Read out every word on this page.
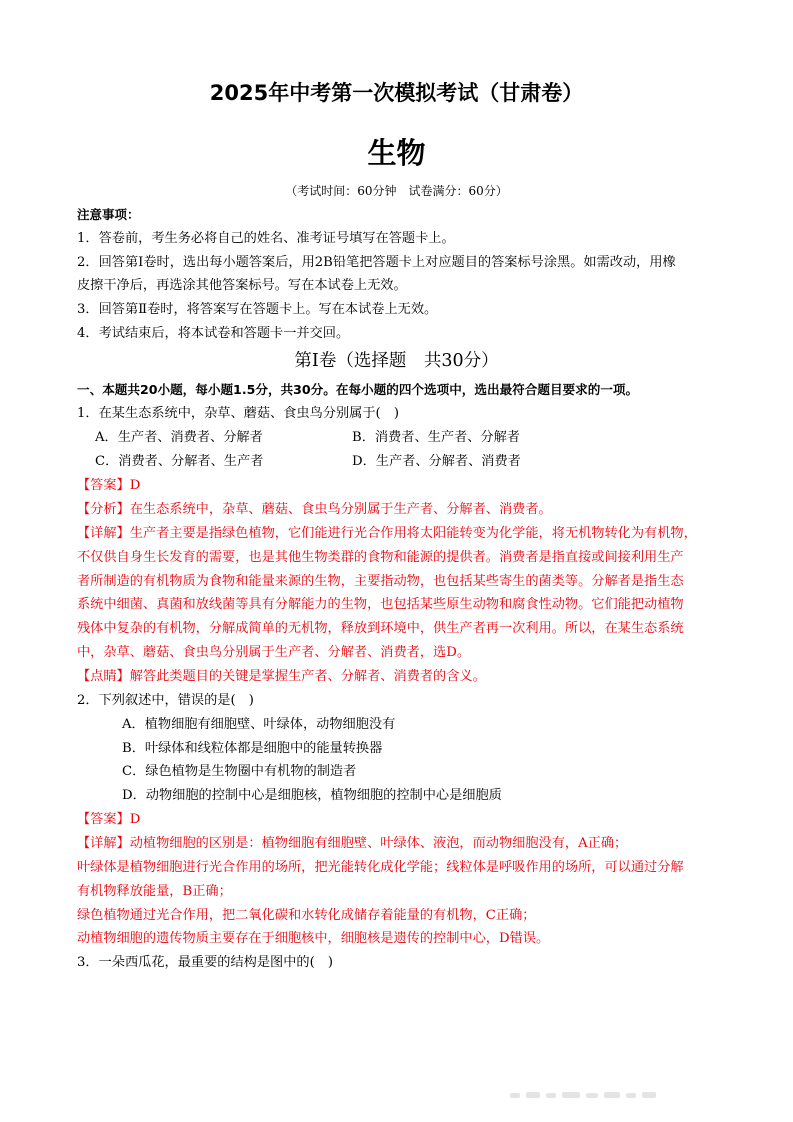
2025年中考第一次模拟考试（甘肃卷）
生物
（考试时间：60分钟　试卷满分：60分）
注意事项：
1．答卷前，考生务必将自己的姓名、准考证号填写在答题卡上。
2．回答第Ⅰ卷时，选出每小题答案后，用2B铅笔把答题卡上对应题目的答案标号涂黑。如需改动，用橡
皮擦干净后，再选涂其他答案标号。写在本试卷上无效。
3．回答第Ⅱ卷时，将答案写在答题卡上。写在本试卷上无效。
4．考试结束后，将本试卷和答题卡一并交回。
第Ⅰ卷（选择题　共30分）
一、本题共20小题，每小题1.5分，共30分。在每小题的四个选项中，选出最符合题目要求的一项。
1．在某生态系统中，杂草、蘑菇、食虫鸟分别属于(　)
A．生产者、消费者、分解者	B．消费者、生产者、分解者
C．消费者、分解者、生产者	D．生产者、分解者、消费者
【答案】D
【分析】在生态系统中，杂草、蘑菇、食虫鸟分别属于生产者、分解者、消费者。
【详解】生产者主要是指绿色植物，它们能进行光合作用将太阳能转变为化学能，将无机物转化为有机物，
不仅供自身生长发育的需要，也是其他生物类群的食物和能源的提供者。消费者是指直接或间接利用生产
者所制造的有机物质为食物和能量来源的生物，主要指动物，也包括某些寄生的菌类等。分解者是指生态
系统中细菌、真菌和放线菌等具有分解能力的生物，也包括某些原生动物和腐食性动物。它们能把动植物
残体中复杂的有机物，分解成简单的无机物，释放到环境中，供生产者再一次利用。所以，在某生态系统
中，杂草、蘑菇、食虫鸟分别属于生产者、分解者、消费者，选D。
【点睛】解答此类题目的关键是掌握生产者、分解者、消费者的含义。
2．下列叙述中，错误的是(　)
A．植物细胞有细胞壁、叶绿体，动物细胞没有
B．叶绿体和线粒体都是细胞中的能量转换器
C．绿色植物是生物圈中有机物的制造者
D．动物细胞的控制中心是细胞核，植物细胞的控制中心是细胞质
【答案】D
【详解】动植物细胞的区别是：植物细胞有细胞壁、叶绿体、液泡，而动物细胞没有，A正确；
叶绿体是植物细胞进行光合作用的场所，把光能转化成化学能；线粒体是呼吸作用的场所，可以通过分解
有机物释放能量，B正确；
绿色植物通过光合作用，把二氧化碳和水转化成储存着能量的有机物，C正确；
动植物细胞的遗传物质主要存在于细胞核中，细胞核是遗传的控制中心，D错误。
3．一朵西瓜花，最重要的结构是图中的(　)
